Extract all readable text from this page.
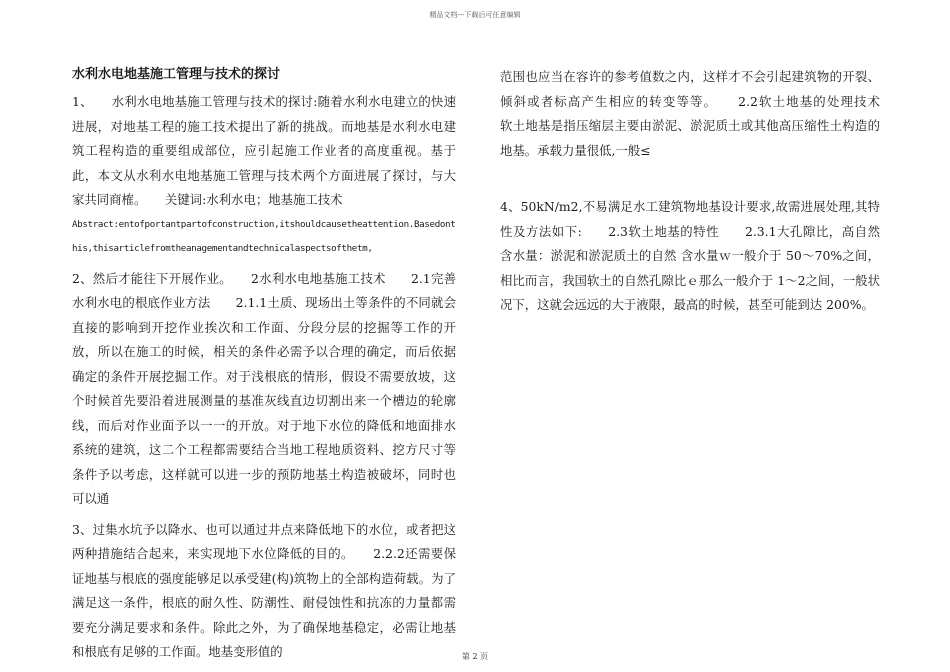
精品文档---下载后可任意编辑
水利水电地基施工管理与技术的探讨

1、　　水利水电地基施工管理与技术的探讨:随着水利水电建立的快速进展，对地基工程的施工技术提出了新的挑战。而地基是水利水电建筑工程构造的重要组成部位，应引起施工作业者的高度重视。基于此，本文从水利水电地基施工管理与技术两个方面进展了探讨，与大家共同商榷。　　关键词:水利水电；地基施工技术

Abstract:entofportantpartofconstruction,itshouldcausetheattention.Basedonthis,thisarticlefromtheanagementandtechnicalaspectsofthetm,

2、然后才能往下开展作业。　　2水利水电地基施工技术　　2.1完善水利水电的根底作业方法　　2.1.1土质、现场出土等条件的不同就会直接的影响到开挖作业挨次和工作面、分段分层的挖掘等工作的开放，所以在施工的时候，相关的条件必需予以合理的确定，而后依据确定的条件开展挖掘工作。对于浅根底的情形，假设不需要放坡，这个时候首先要沿着进展测量的基准灰线直边切割出来一个槽边的轮廓线，而后对作业面予以一一的开放。对于地下水位的降低和地面排水系统的建筑，这二个工程都需要结合当地工程地质资料、挖方尺寸等条件予以考虑，这样就可以进一步的预防地基土构造被破坏，同时也可以通

3、过集水坑予以降水、也可以通过井点来降低地下的水位，或者把这两种措施结合起来，来实现地下水位降低的目的。　　2.2.2还需要保证地基与根底的强度能够足以承受建(构)筑物上的全部构造荷载。为了满足这一条件，根底的耐久性、防潮性、耐侵蚀性和抗冻的力量都需要充分满足要求和条件。除此之外，为了确保地基稳定，必需让地基和根底有足够的工作面。地基变形值的

范围也应当在容许的参考值数之内，这样才不会引起建筑物的开裂、倾斜或者标高产生相应的转变等等。　　2.2软土地基的处理技术　　软土地基是指压缩层主要由淤泥、淤泥质土或其他高压缩性土构造的地基。承载力量很低,一般≤

4、50kN/m2,不易满足水工建筑物地基设计要求,故需进展处理,其特性及方法如下:　　2.3软土地基的特性　　2.3.1大孔隙比，高自然 含水量：淤泥和淤泥质土的自然 含水量ｗ一般介于 50～70%之间，相比而言，我国软土的自然孔隙比ｅ那么一般介于 1～2之间，一般状况下，这就会远远的大于液限，最高的时候，甚至可能到达 200%。

第 2 页
